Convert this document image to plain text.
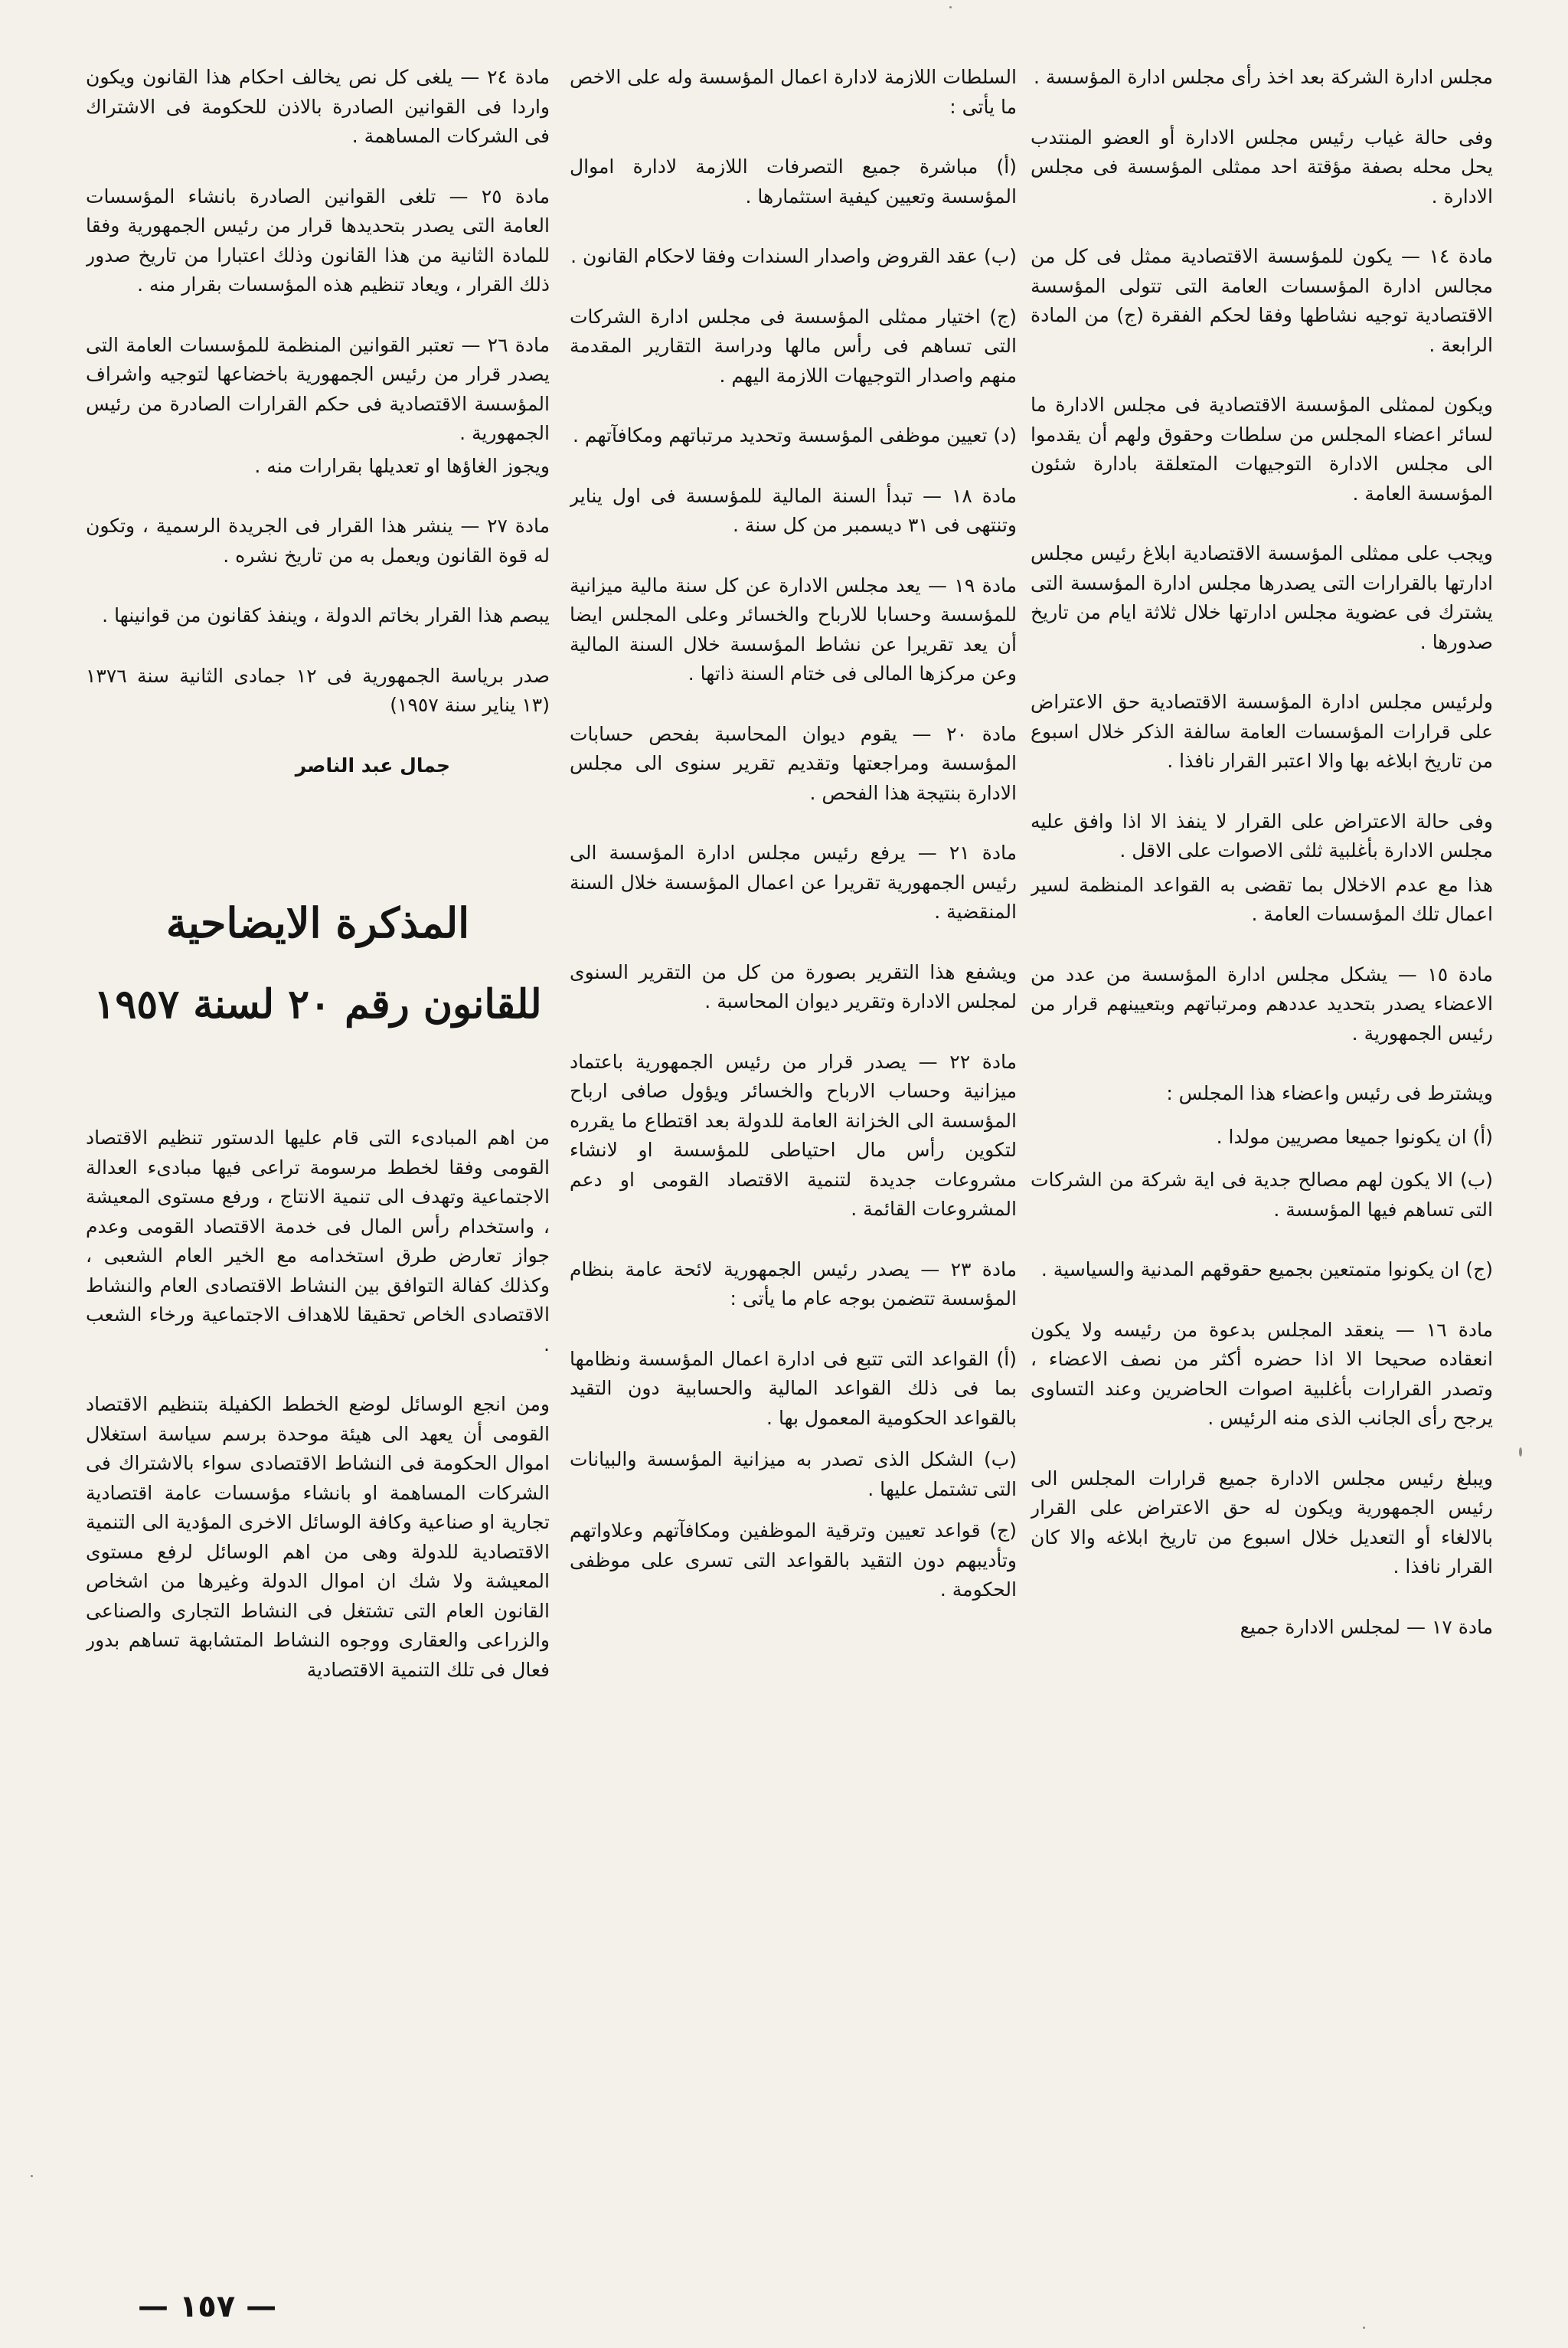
مجلس ادارة الشركة بعد اخذ رأى مجلس ادارة المؤسسة .

وفى حالة غياب رئيس مجلس الادارة أو العضو المنتدب يحل محله بصفة مؤقتة احد ممثلى المؤسسة فى مجلس الادارة .

مادة ١٤ — يكون للمؤسسة الاقتصادية ممثل فى كل من مجالس ادارة المؤسسات العامة التى تتولى المؤسسة الاقتصادية توجيه نشاطها وفقا لحكم الفقرة (ج) من المادة الرابعة .

ويكون لممثلى المؤسسة الاقتصادية فى مجلس الادارة ما لسائر اعضاء المجلس من سلطات وحقوق ولهم أن يقدموا الى مجلس الادارة التوجيهات المتعلقة بادارة شئون المؤسسة العامة .

ويجب على ممثلى المؤسسة الاقتصادية ابلاغ رئيس مجلس ادارتها بالقرارات التى يصدرها مجلس ادارة المؤسسة التى يشترك فى عضوية مجلس ادارتها خلال ثلاثة ايام من تاريخ صدورها .

ولرئيس مجلس ادارة المؤسسة الاقتصادية حق الاعتراض على قرارات المؤسسات العامة سالفة الذكر خلال اسبوع من تاريخ ابلاغه بها والا اعتبر القرار نافذا .

وفى حالة الاعتراض على القرار لا ينفذ الا اذا وافق عليه مجلس الادارة بأغلبية ثلثى الاصوات على الاقل .

هذا مع عدم الاخلال بما تقضى به القواعد المنظمة لسير اعمال تلك المؤسسات العامة .

مادة ١٥ — يشكل مجلس ادارة المؤسسة من عدد من الاعضاء يصدر بتحديد عددهم ومرتباتهم وبتعيينهم قرار من رئيس الجمهورية .

ويشترط فى رئيس واعضاء هذا المجلس :

(أ) ان يكونوا جميعا مصريين مولدا .

(ب) الا يكون لهم مصالح جدية فى اية شركة من الشركات التى تساهم فيها المؤسسة .

(ج) ان يكونوا متمتعين بجميع حقوقهم المدنية والسياسية .

مادة ١٦ — ينعقد المجلس بدعوة من رئيسه ولا يكون انعقاده صحيحا الا اذا حضره أكثر من نصف الاعضاء ، وتصدر القرارات بأغلبية اصوات الحاضرين وعند التساوى يرجح رأى الجانب الذى منه الرئيس .

ويبلغ رئيس مجلس الادارة جميع قرارات المجلس الى رئيس الجمهورية ويكون له حق الاعتراض على القرار بالالغاء أو التعديل خلال اسبوع من تاريخ ابلاغه والا كان القرار نافذا .

مادة ١٧ — لمجلس الادارة جميع

السلطات اللازمة لادارة اعمال المؤسسة وله على الاخص ما يأتى :

(أ) مباشرة جميع التصرفات اللازمة لادارة اموال المؤسسة وتعيين كيفية استثمارها .

(ب) عقد القروض واصدار السندات وفقا لاحكام القانون .

(ج) اختيار ممثلى المؤسسة فى مجلس ادارة الشركات التى تساهم فى رأس مالها ودراسة التقارير المقدمة منهم واصدار التوجيهات اللازمة اليهم .

(د) تعيين موظفى المؤسسة وتحديد مرتباتهم ومكافآتهم .

مادة ١٨ — تبدأ السنة المالية للمؤسسة فى اول يناير وتنتهى فى ٣١ ديسمبر من كل سنة .

مادة ١٩ — يعد مجلس الادارة عن كل سنة مالية ميزانية للمؤسسة وحسابا للارباح والخسائر وعلى المجلس ايضا أن يعد تقريرا عن نشاط المؤسسة خلال السنة المالية وعن مركزها المالى فى ختام السنة ذاتها .

مادة ٢٠ — يقوم ديوان المحاسبة بفحص حسابات المؤسسة ومراجعتها وتقديم تقرير سنوى الى مجلس الادارة بنتيجة هذا الفحص .

مادة ٢١ — يرفع رئيس مجلس ادارة المؤسسة الى رئيس الجمهورية تقريرا عن اعمال المؤسسة خلال السنة المنقضية .

ويشفع هذا التقرير بصورة من كل من التقرير السنوى لمجلس الادارة وتقرير ديوان المحاسبة .

مادة ٢٢ — يصدر قرار من رئيس الجمهورية باعتماد ميزانية وحساب الارباح والخسائر ويؤول صافى ارباح المؤسسة الى الخزانة العامة للدولة بعد اقتطاع ما يقرره لتكوين رأس مال احتياطى للمؤسسة او لانشاء مشروعات جديدة لتنمية الاقتصاد القومى او دعم المشروعات القائمة .

مادة ٢٣ — يصدر رئيس الجمهورية لائحة عامة بنظام المؤسسة تتضمن بوجه عام ما يأتى :

(أ) القواعد التى تتبع فى ادارة اعمال المؤسسة ونظامها بما فى ذلك القواعد المالية والحسابية دون التقيد بالقواعد الحكومية المعمول بها .

(ب) الشكل الذى تصدر به ميزانية المؤسسة والبيانات التى تشتمل عليها .

(ج) قواعد تعيين وترقية الموظفين ومكافآتهم وعلاواتهم وتأديبهم دون التقيد بالقواعد التى تسرى على موظفى الحكومة .

مادة ٢٤ — يلغى كل نص يخالف احكام هذا القانون ويكون واردا فى القوانين الصادرة بالاذن للحكومة فى الاشتراك فى الشركات المساهمة .

مادة ٢٥ — تلغى القوانين الصادرة بانشاء المؤسسات العامة التى يصدر بتحديدها قرار من رئيس الجمهورية وفقا للمادة الثانية من هذا القانون وذلك اعتبارا من تاريخ صدور ذلك القرار ، ويعاد تنظيم هذه المؤسسات بقرار منه .

مادة ٢٦ — تعتبر القوانين المنظمة للمؤسسات العامة التى يصدر قرار من رئيس الجمهورية باخضاعها لتوجيه واشراف المؤسسة الاقتصادية فى حكم القرارات الصادرة من رئيس الجمهورية .

ويجوز الغاؤها او تعديلها بقرارات منه .

مادة ٢٧ — ينشر هذا القرار فى الجريدة الرسمية ، وتكون له قوة القانون ويعمل به من تاريخ نشره .

يبصم هذا القرار بخاتم الدولة ، وينفذ كقانون من قوانينها .

صدر برياسة الجمهورية فى ١٢ جمادى الثانية سنة ١٣٧٦ (١٣ يناير سنة ١٩٥٧)

جمال عبد الناصر

المذكرة الايضاحية
للقانون رقم ٢٠ لسنة ١٩٥٧

من اهم المبادىء التى قام عليها الدستور تنظيم الاقتصاد القومى وفقا لخطط مرسومة تراعى فيها مبادىء العدالة الاجتماعية وتهدف الى تنمية الانتاج ، ورفع مستوى المعيشة ، واستخدام رأس المال فى خدمة الاقتصاد القومى وعدم جواز تعارض طرق استخدامه مع الخير العام الشعبى ، وكذلك كفالة التوافق بين النشاط الاقتصادى العام والنشاط الاقتصادى الخاص تحقيقا للاهداف الاجتماعية ورخاء الشعب .

ومن انجع الوسائل لوضع الخطط الكفيلة بتنظيم الاقتصاد القومى أن يعهد الى هيئة موحدة برسم سياسة استغلال اموال الحكومة فى النشاط الاقتصادى سواء بالاشتراك فى الشركات المساهمة او بانشاء مؤسسات عامة اقتصادية تجارية او صناعية وكافة الوسائل الاخرى المؤدية الى التنمية الاقتصادية للدولة وهى من اهم الوسائل لرفع مستوى المعيشة ولا شك ان اموال الدولة وغيرها من اشخاص القانون العام التى تشتغل فى النشاط التجارى والصناعى والزراعى والعقارى ووجوه النشاط المتشابهة تساهم بدور فعال فى تلك التنمية الاقتصادية

— ١٥٧ —
